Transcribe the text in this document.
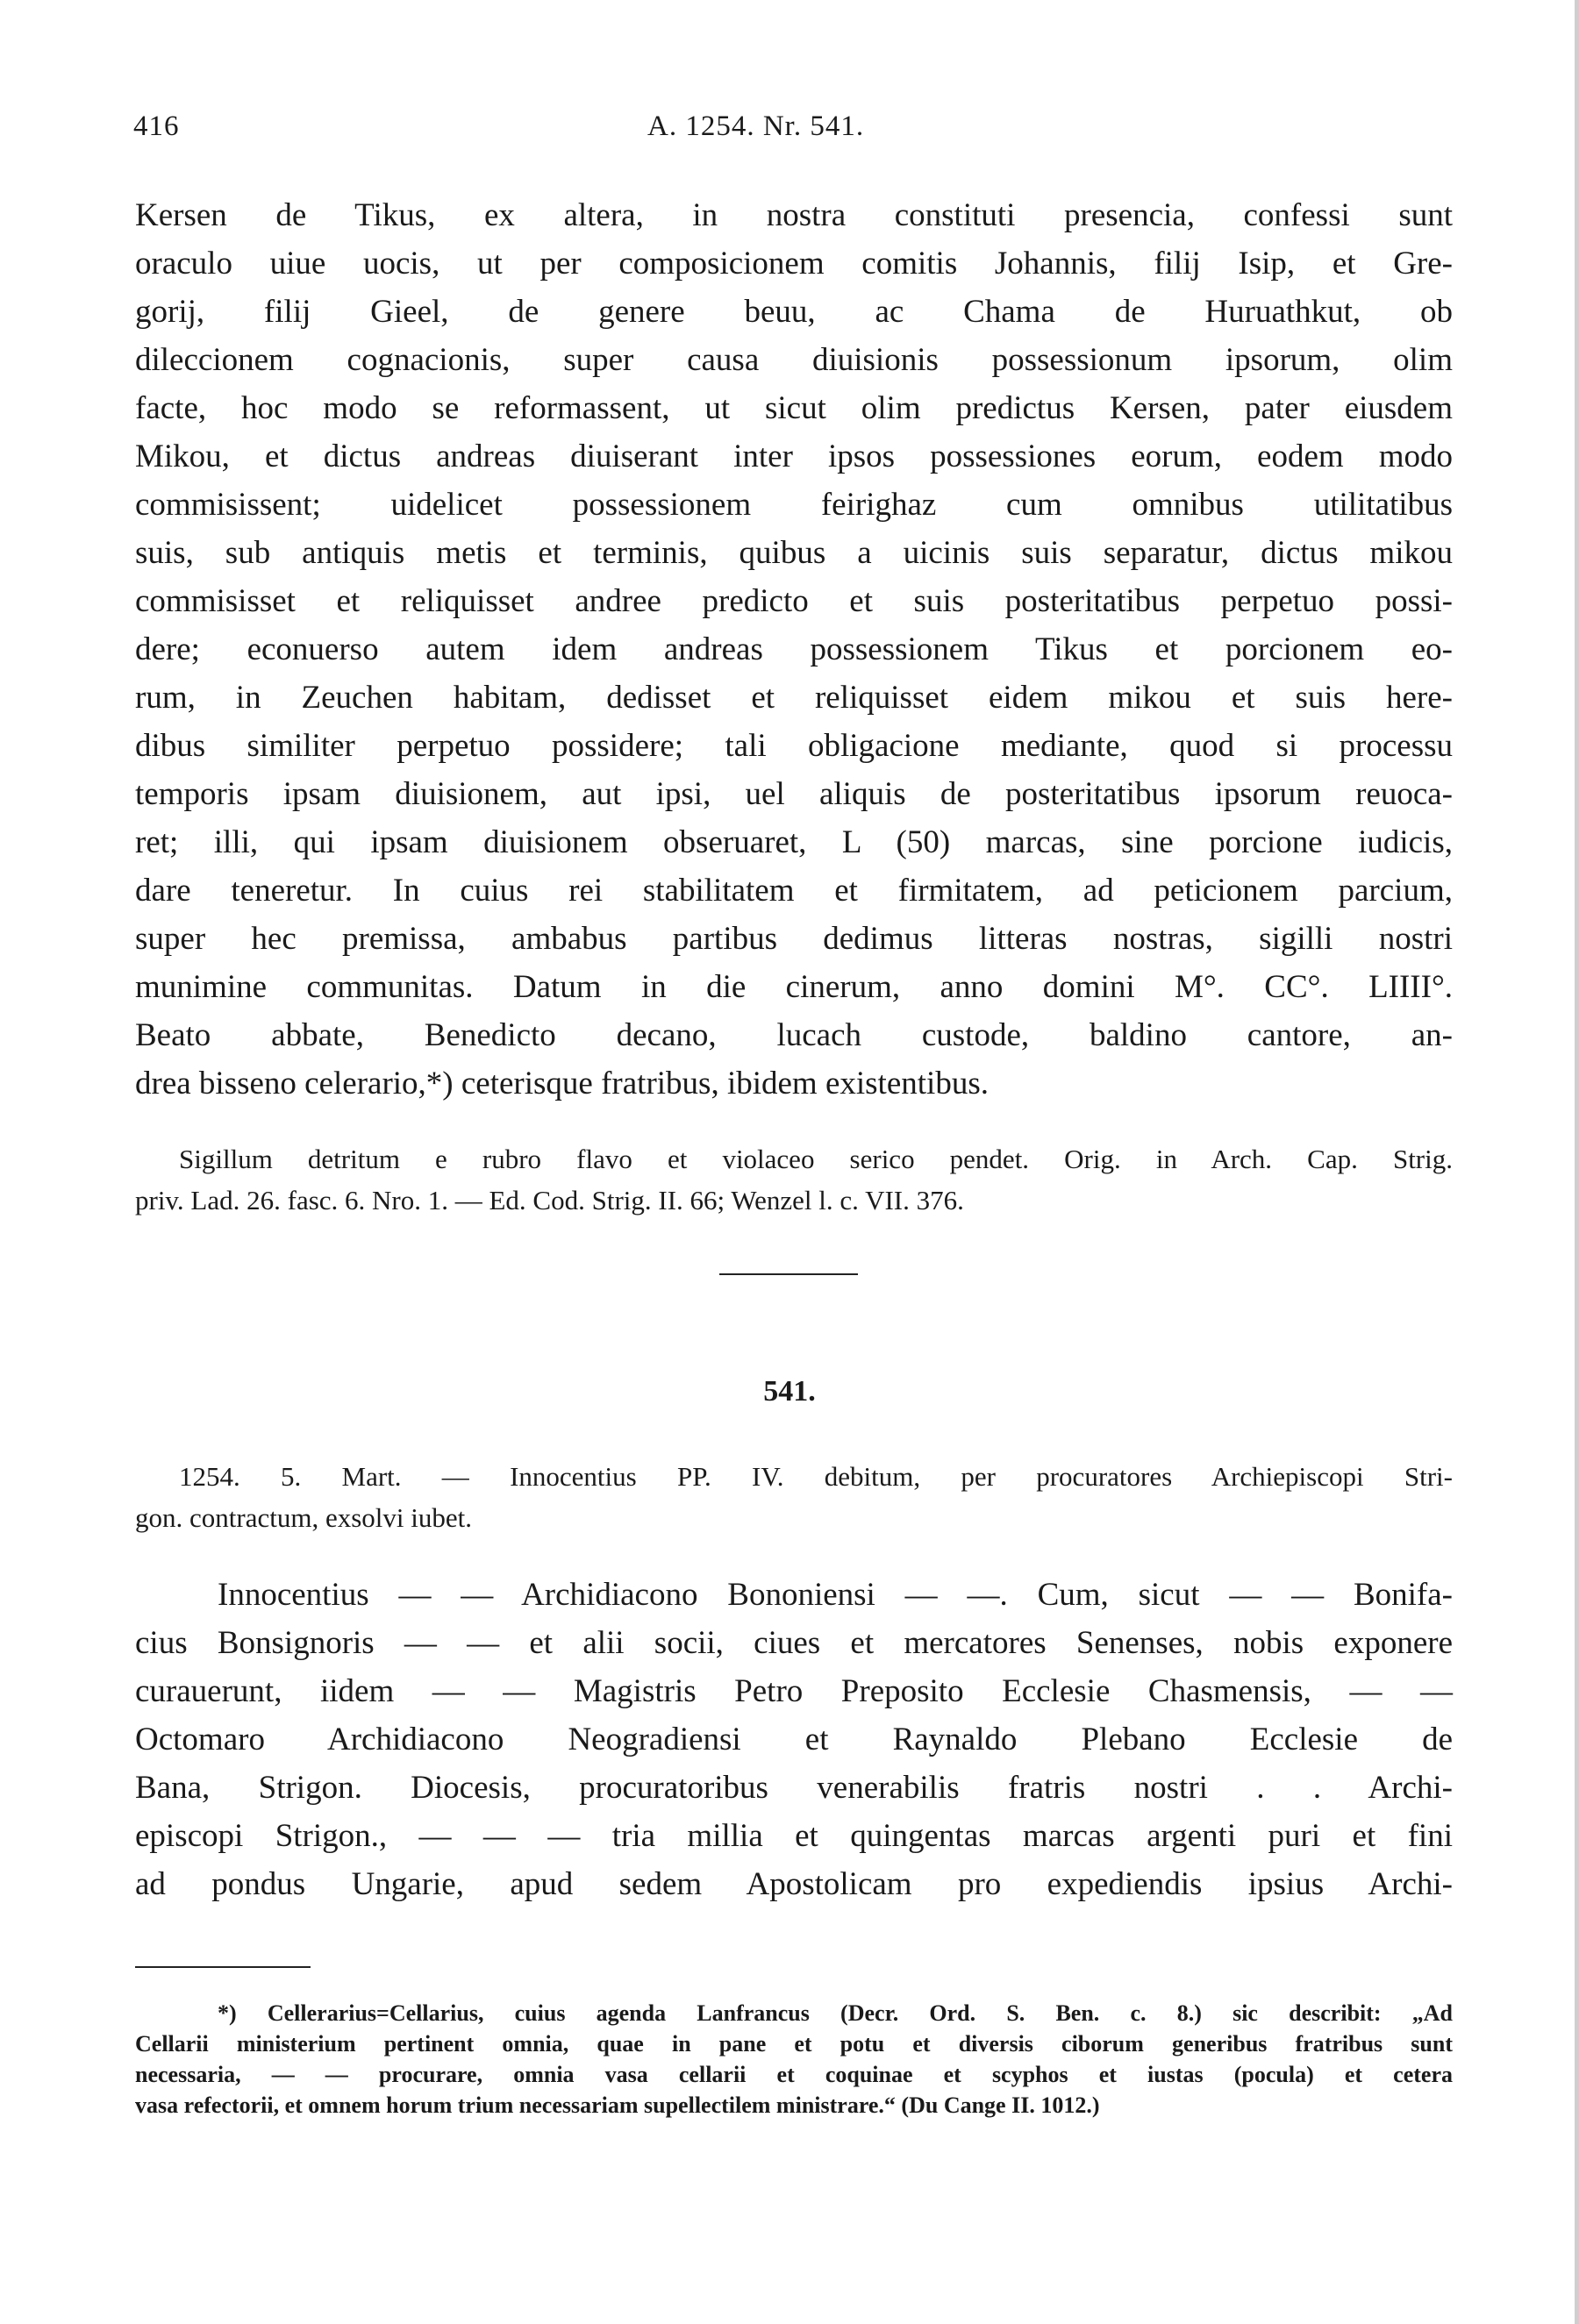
416	A. 1254. Nr. 541.
Kersen de Tikus, ex altera, in nostra constituti presencia, confessi sunt
oraculo uiue uocis, ut per composicionem comitis Johannis, filij Isip, et Gre-
gorij, filij Gieel, de genere beuu, ac Chama de Huruathkut, ob
dileccionem cognacionis, super causa diuisionis possessionum ipsorum, olim
facte, hoc modo se reformassent, ut sicut olim predictus Kersen, pater eiusdem
Mikou, et dictus andreas diuiserant inter ipsos possessiones eorum, eodem modo
commisissent; uidelicet possessionem feirighaz cum omnibus utilitatibus
suis, sub antiquis metis et terminis, quibus a uicinis suis separatur, dictus mikou
commisisset et reliquisset andree predicto et suis posteritatibus perpetuo possi-
dere; econuerso autem idem andreas possessionem Tikus et porcionem eo-
rum, in Zeuchen habitam, dedisset et reliquisset eidem mikou et suis here-
dibus similiter perpetuo possidere; tali obligacione mediante, quod si processu
temporis ipsam diuisionem, aut ipsi, uel aliquis de posteritatibus ipsorum reuoca-
ret; illi, qui ipsam diuisionem obseruaret, L (50) marcas, sine porcione iudicis,
dare teneretur. In cuius rei stabilitatem et firmitatem, ad peticionem parcium,
super hec premissa, ambabus partibus dedimus litteras nostras, sigilli nostri
munimine communitas. Datum in die cinerum, anno domini M°. CC°. LIIII°.
Beato abbate, Benedicto decano, lucach custode, baldino cantore, an-
drea bisseno celerario,*) ceterisque fratribus, ibidem existentibus.
Sigillum detritum e rubro flavo et violaceo serico pendet. Orig. in Arch. Cap. Strig.
priv. Lad. 26. fasc. 6. Nro. 1. — Ed. Cod. Strig. II. 66; Wenzel l. c. VII. 376.
541.
1254. 5. Mart. — Innocentius PP. IV. debitum, per procuratores Archiepiscopi Stri-
gon. contractum, exsolvi iubet.
Innocentius — — Archidiacono Bononiensi — —. Cum, sicut — — Bonifa-
cius Bonsignoris — — et alii socii, ciues et mercatores Senenses, nobis exponere
curauerunt, iidem — — Magistris Petro Preposito Ecclesie Chasmensis, — —
Octomaro Archidiacono Neogradiensi et Raynaldo Plebano Ecclesie de
Bana, Strigon. Diocesis, procuratoribus venerabilis fratris nostri . . Archi-
episcopi Strigon., — — — tria millia et quingentas marcas argenti puri et fini
ad pondus Ungarie, apud sedem Apostolicam pro expediendis ipsius Archi-
*) Cellerarius=Cellarius, cuius agenda Lanfrancus (Decr. Ord. S. Ben. c. 8.) sic describit: „Ad
Cellarii ministerium pertinent omnia, quae in pane et potu et diversis ciborum generibus fratribus sunt
necessaria, — — procurare, omnia vasa cellarii et coquinae et scyphos et iustas (pocula) et cetera
vasa refectorii, et omnem horum trium necessariam supellectilem ministrare.“ (Du Cange II. 1012.)
